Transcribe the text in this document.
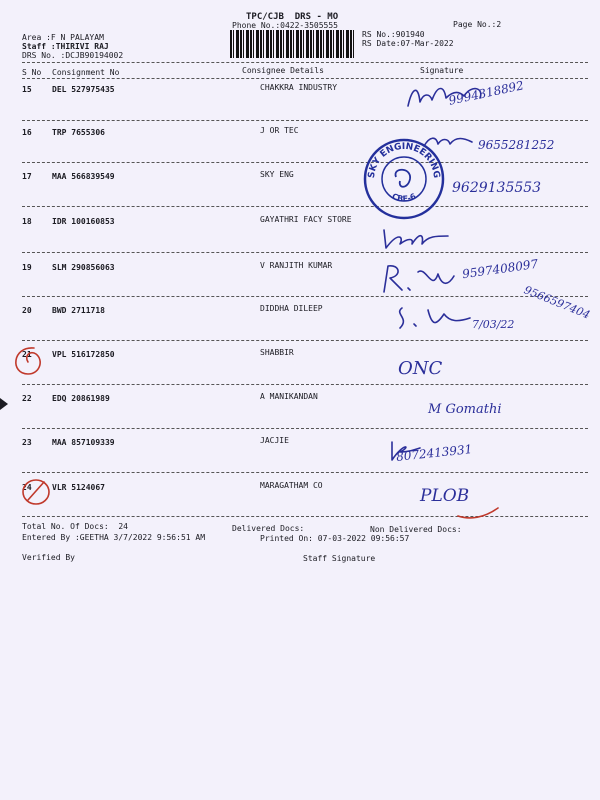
TPC/CJB  DRS - MO
Phone No.:0422-3505555	Page No.:2
RS No.:901940
RS Date:07-Mar-2022
Area :F N PALAYAM
Staff :THIRIVI RAJ
DRS No. :DCJB90194002
S No Consignment No	Consignee Details	Signature
15	DEL 527975435	CHAKKRA INDUSTRY
16	TRP 7655306	J OR TEC
17	MAA 566839549	SKY ENG
18	IDR 100160853	GAYATHRI FACY STORE
19	SLM 290856063	V RANJITH KUMAR
20	BWD 2711718	DIDDHA DILEEP
21	VPL 516172850	SHABBIR
22	EDQ 20861989	A MANIKANDAN
23	MAA 857109339	JACJIE
24	VLR 5124067	MARAGATHAM CO
9994318892
9655281252
9629135553
9597408097
7/03/22
9566597404
ONC
M Gomathi
8072413931
PLOB
SKY ENGINEERING
CBE-6
Total No. Of Docs:  24	Delivered Docs:	Non Delivered Docs:
Entered By :GEETHA 3/7/2022 9:56:51 AM	Printed On: 07-03-2022 09:56:57
Verified By	Staff Signature
